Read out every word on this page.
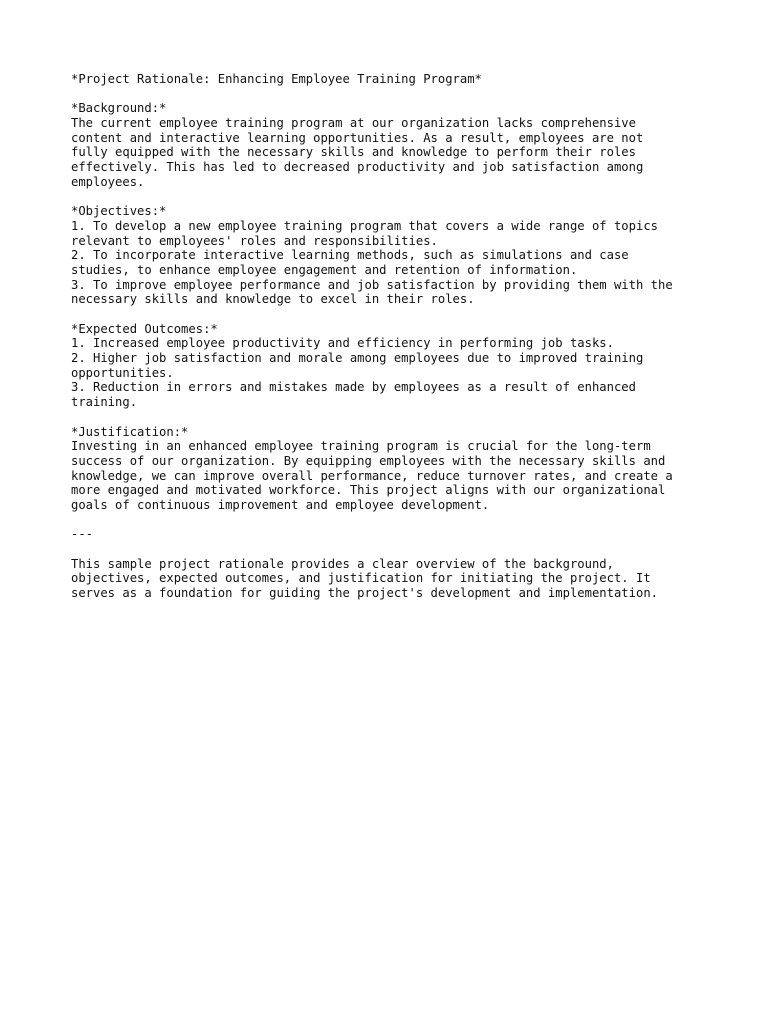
*Project Rationale: Enhancing Employee Training Program*
*Background:*
The current employee training program at our organization lacks comprehensive
content and interactive learning opportunities. As a result, employees are not
fully equipped with the necessary skills and knowledge to perform their roles
effectively. This has led to decreased productivity and job satisfaction among
employees.
*Objectives:*
1. To develop a new employee training program that covers a wide range of topics
relevant to employees' roles and responsibilities.
2. To incorporate interactive learning methods, such as simulations and case
studies, to enhance employee engagement and retention of information.
3. To improve employee performance and job satisfaction by providing them with the
necessary skills and knowledge to excel in their roles.
*Expected Outcomes:*
1. Increased employee productivity and efficiency in performing job tasks.
2. Higher job satisfaction and morale among employees due to improved training
opportunities.
3. Reduction in errors and mistakes made by employees as a result of enhanced
training.
*Justification:*
Investing in an enhanced employee training program is crucial for the long-term
success of our organization. By equipping employees with the necessary skills and
knowledge, we can improve overall performance, reduce turnover rates, and create a
more engaged and motivated workforce. This project aligns with our organizational
goals of continuous improvement and employee development.
---
This sample project rationale provides a clear overview of the background,
objectives, expected outcomes, and justification for initiating the project. It
serves as a foundation for guiding the project's development and implementation.
